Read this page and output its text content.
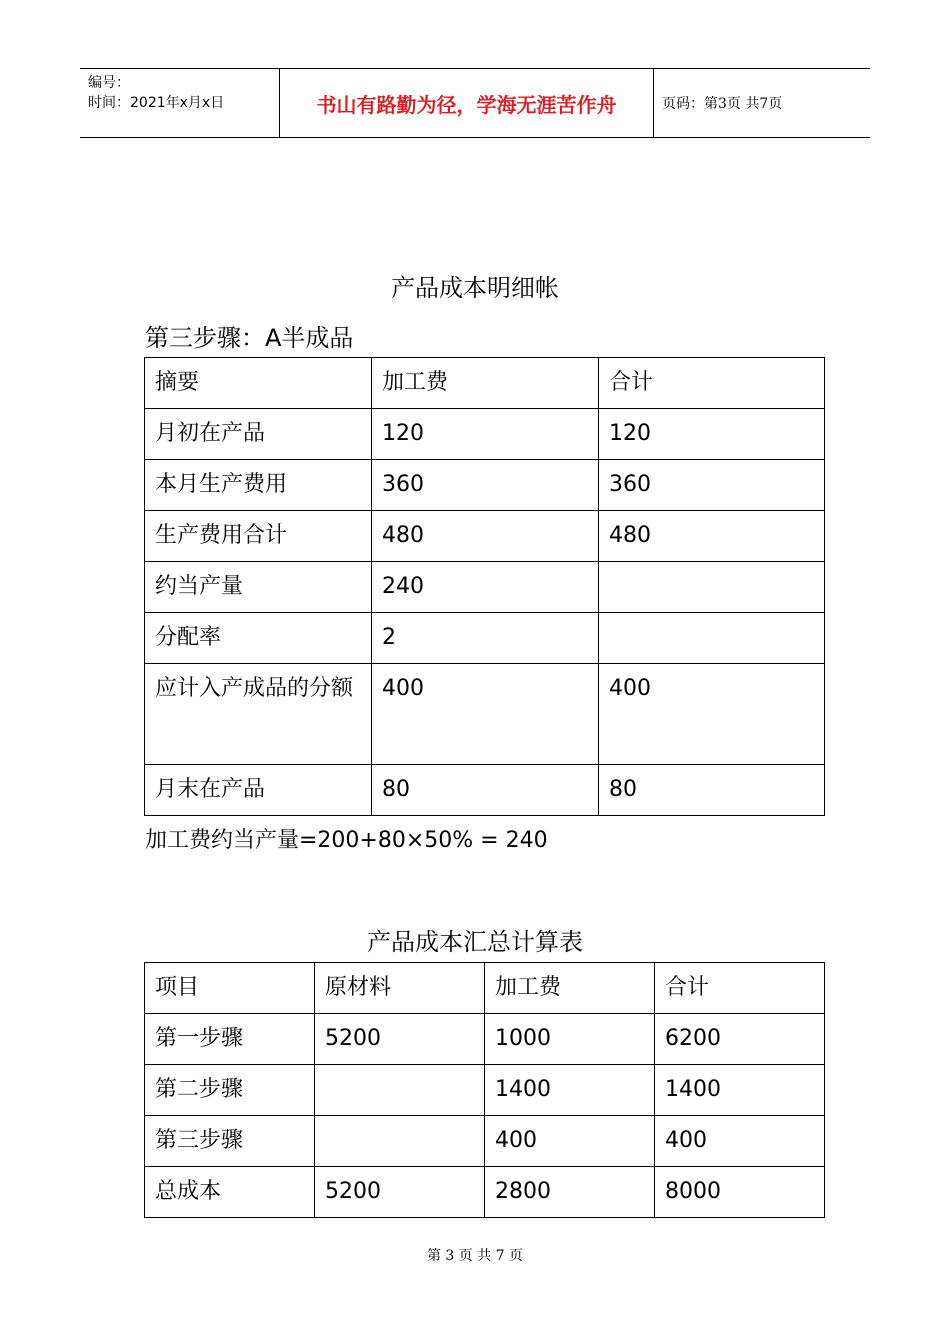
编号：
时间：2021年x月x日	书山有路勤为径，学海无涯苦作舟	页码：第3页 共7页
产品成本明细帐
第三步骤：A半成品
摘要	加工费	合计
月初在产品	120	120
本月生产费用	360	360
生产费用合计	480	480
约当产量	240	
分配率	2	
应计入产成品的分额	400	400
月末在产品	80	80
加工费约当产量=200+80×50% = 240
产品成本汇总计算表
项目	原材料	加工费	合计
第一步骤	5200	1000	6200
第二步骤		1400	1400
第三步骤		400	400
总成本	5200	2800	8000
第 3 页 共 7 页
